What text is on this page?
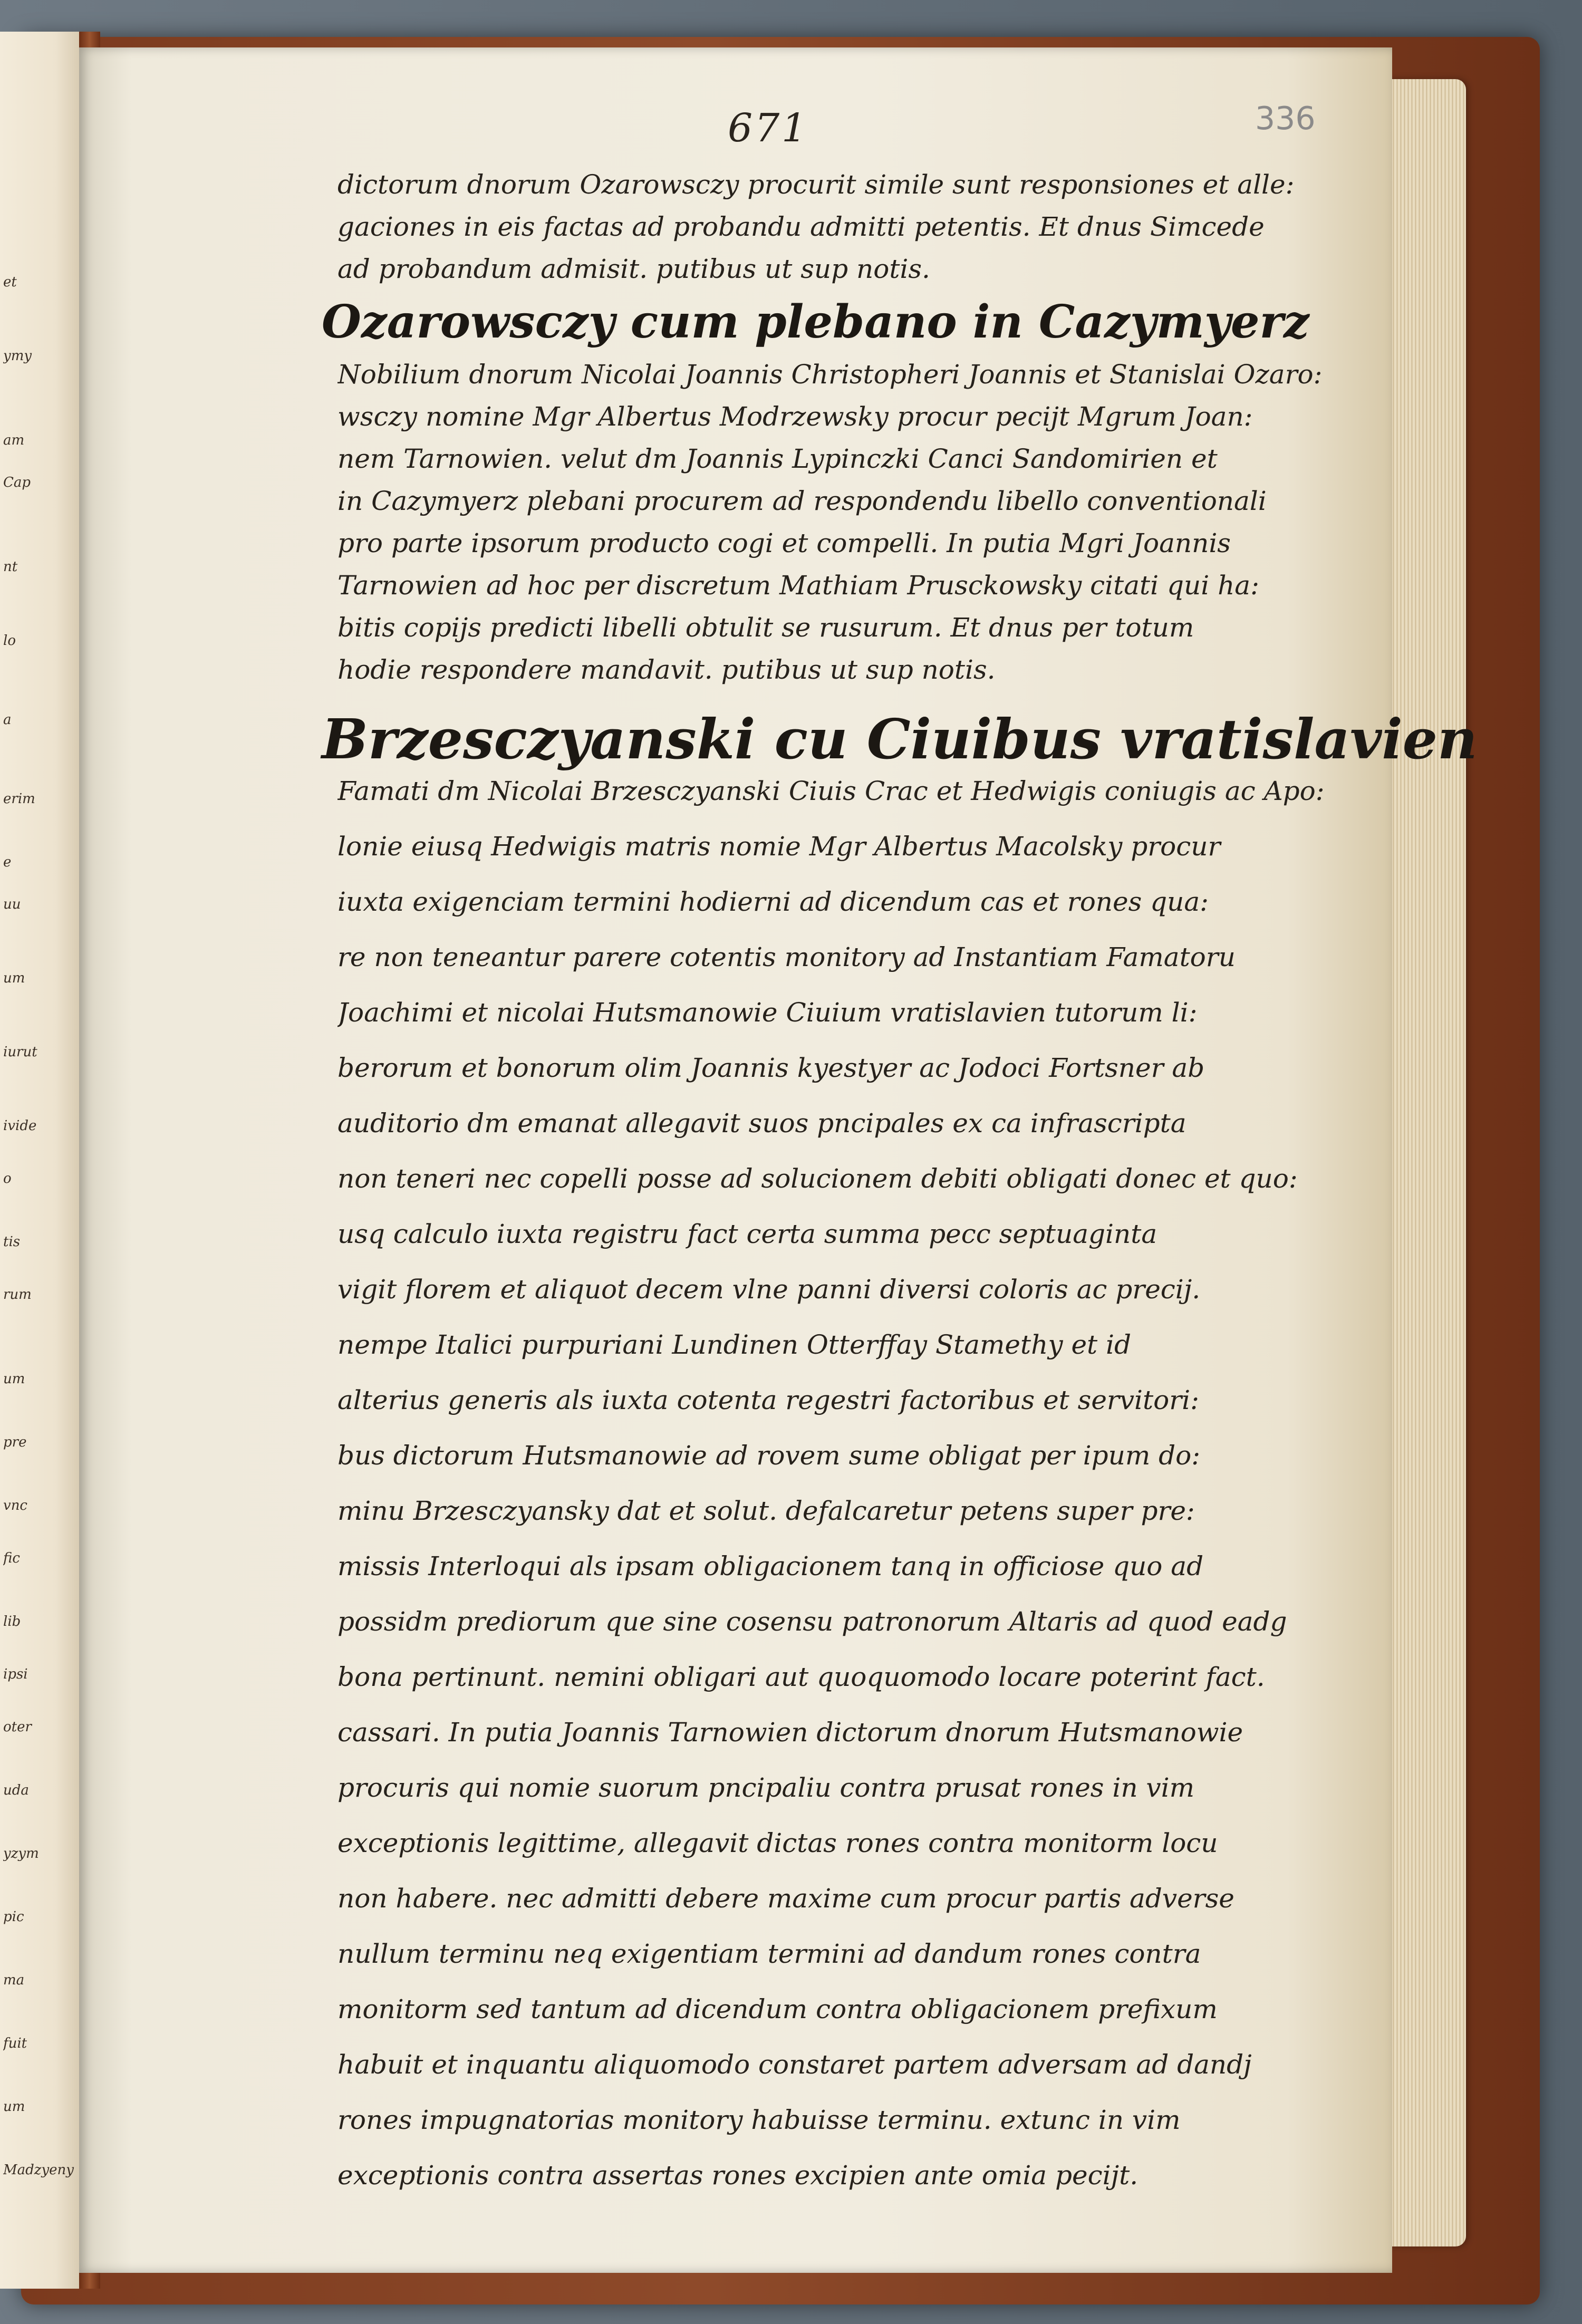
et
ymy
am
Cap
nt
lo
a
erim
e
uu
um
iurut
ivide
o
tis
rum
um
pre
vnc
fic
lib
ipsi
oter
uda
yzym
pic
ma
fuit
um
Madzyeny
671	336
dictorum dnorum Ozarowsczy procurit simile sunt responsiones et alle:
gaciones in eis factas ad probandu admitti petentis. Et dnus Simcede
ad probandum admisit. putibus ut sup notis.
Ozarowsczy cum plebano in Cazymyerz
Nobilium dnorum Nicolai Joannis Christopheri Joannis et Stanislai Ozaro:
wsczy nomine Mgr Albertus Modrzewsky procur pecijt Mgrum Joan:
nem Tarnowien. velut dm Joannis Lypinczki Canci Sandomirien et
in Cazymyerz plebani procurem ad respondendu libello conventionali
pro parte ipsorum producto cogi et compelli. In putia Mgri Joannis
Tarnowien ad hoc per discretum Mathiam Prusckowsky citati qui ha:
bitis copijs predicti libelli obtulit se rusurum. Et dnus per totum
hodie respondere mandavit. putibus ut sup notis.
Brzesczyanski cu Ciuibus vratislavien
Famati dm Nicolai Brzesczyanski Ciuis Crac et Hedwigis coniugis ac Apo:
lonie eiusq Hedwigis matris nomie Mgr Albertus Macolsky procur
iuxta exigenciam termini hodierni ad dicendum cas et rones qua:
re non teneantur parere cotentis monitory ad Instantiam Famatoru
Joachimi et nicolai Hutsmanowie Ciuium vratislavien tutorum li:
berorum et bonorum olim Joannis kyestyer ac Jodoci Fortsner ab
auditorio dm emanat allegavit suos pncipales ex ca infrascripta
non teneri nec copelli posse ad solucionem debiti obligati donec et quo:
usq calculo iuxta registru fact certa summa pecc septuaginta
vigit florem et aliquot decem vlne panni diversi coloris ac precij.
nempe Italici purpuriani Lundinen Otterffay Stamethy et id
alterius generis als iuxta cotenta regestri factoribus et servitori:
bus dictorum Hutsmanowie ad rovem sume obligat per ipum do:
minu Brzesczyansky dat et solut. defalcaretur petens super pre:
missis Interloqui als ipsam obligacionem tanq in officiose quo ad
possidm prediorum que sine cosensu patronorum Altaris ad quod eadg
bona pertinunt. nemini obligari aut quoquomodo locare poterint fact.
cassari. In putia Joannis Tarnowien dictorum dnorum Hutsmanowie
procuris qui nomie suorum pncipaliu contra prusat rones in vim
exceptionis legittime, allegavit dictas rones contra monitorm locu
non habere. nec admitti debere maxime cum procur partis adverse
nullum terminu neq exigentiam termini ad dandum rones contra
monitorm sed tantum ad dicendum contra obligacionem prefixum
habuit et inquantu aliquomodo constaret partem adversam ad dandj
rones impugnatorias monitory habuisse terminu. extunc in vim
exceptionis contra assertas rones excipien ante omia pecijt.
